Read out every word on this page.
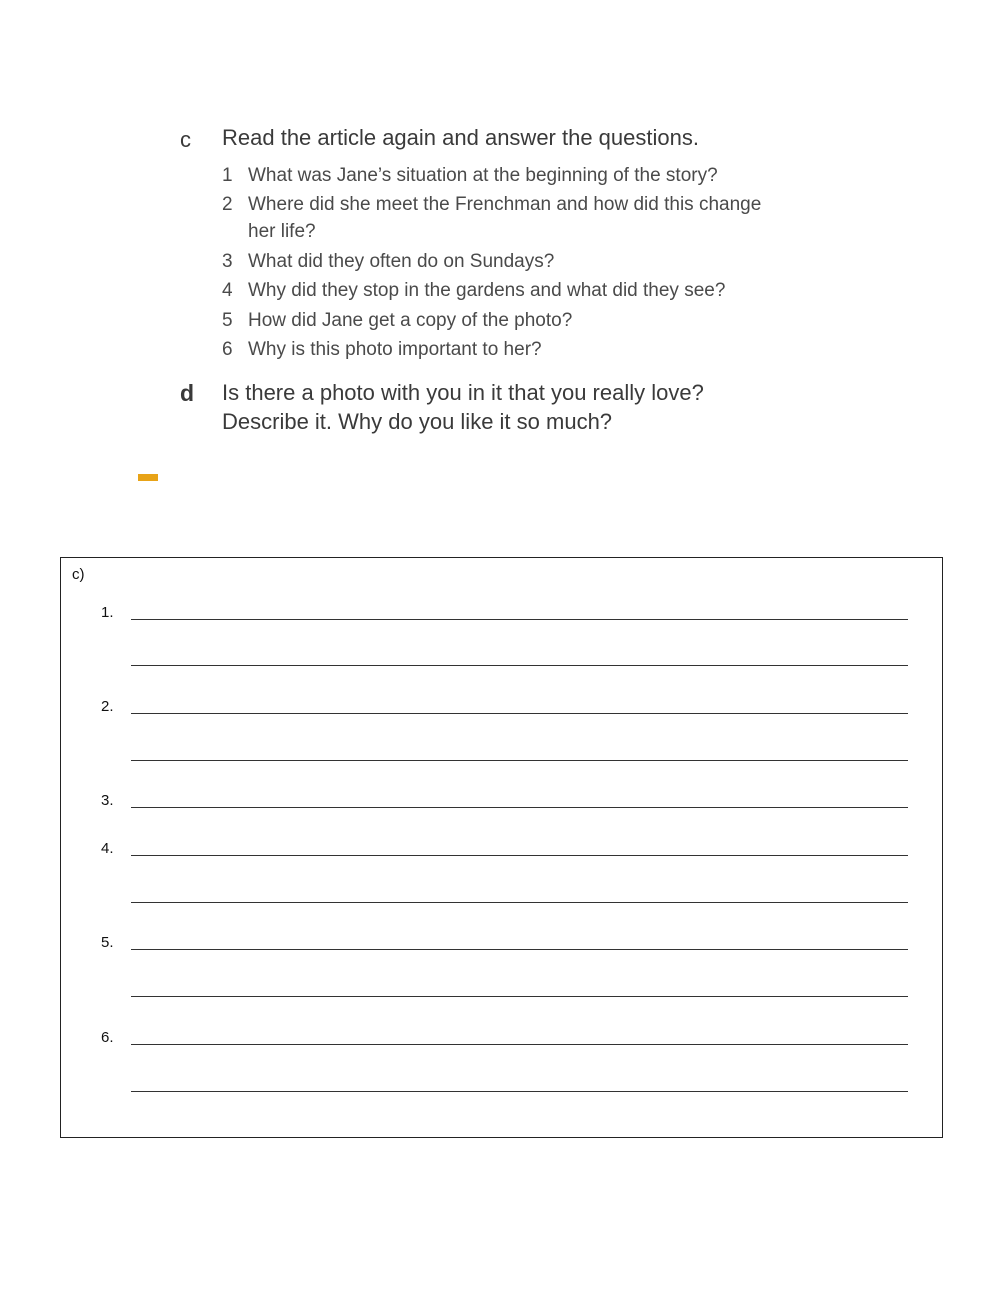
c Read the article again and answer the questions.
1 What was Jane’s situation at the beginning of the story?
2 Where did she meet the Frenchman and how did this change her life?
3 What did they often do on Sundays?
4 Why did they stop in the gardens and what did they see?
5 How did Jane get a copy of the photo?
6 Why is this photo important to her?
d Is there a photo with you in it that you really love?
Describe it. Why do you like it so much?
c)
1.
2.
3.
4.
5.
6.
